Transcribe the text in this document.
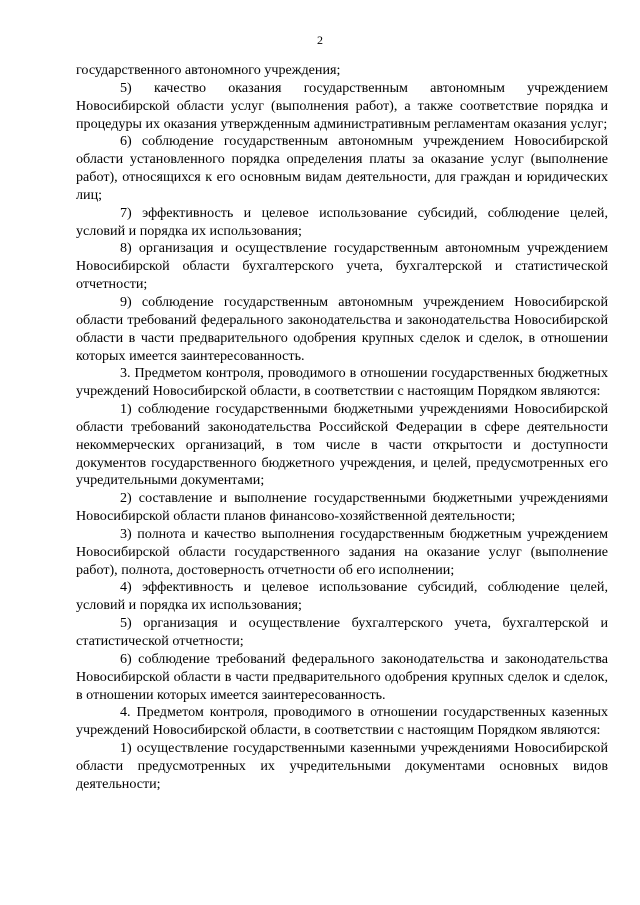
2

государственного автономного учреждения;

5) качество оказания государственным автономным учреждением Новосибирской области услуг (выполнения работ), а также соответствие порядка и процедуры их оказания утвержденным административным регламентам оказания услуг;

6) соблюдение государственным автономным учреждением Новосибирской области установленного порядка определения платы за оказание услуг (выполнение работ), относящихся к его основным видам деятельности, для граждан и юридических лиц;

7) эффективность и целевое использование субсидий, соблюдение целей, условий и порядка их использования;

8) организация и осуществление государственным автономным учреждением Новосибирской области бухгалтерского учета, бухгалтерской и статистической отчетности;

9) соблюдение государственным автономным учреждением Новосибирской области требований федерального законодательства и законодательства Новосибирской области в части предварительного одобрения крупных сделок и сделок, в отношении которых имеется заинтересованность.

3. Предметом контроля, проводимого в отношении государственных бюджетных учреждений Новосибирской области, в соответствии с настоящим Порядком являются:

1) соблюдение государственными бюджетными учреждениями Новосибирской области требований законодательства Российской Федерации в сфере деятельности некоммерческих организаций, в том числе в части открытости и доступности документов государственного бюджетного учреждения, и целей, предусмотренных его учредительными документами;

2) составление и выполнение государственными бюджетными учреждениями Новосибирской области планов финансово-хозяйственной деятельности;

3) полнота и качество выполнения государственным бюджетным учреждением Новосибирской области государственного задания на оказание услуг (выполнение работ), полнота, достоверность отчетности об его исполнении;

4) эффективность и целевое использование субсидий, соблюдение целей, условий и порядка их использования;

5) организация и осуществление бухгалтерского учета, бухгалтерской и статистической отчетности;

6) соблюдение требований федерального законодательства и законодательства Новосибирской области в части предварительного одобрения крупных сделок и сделок, в отношении которых имеется заинтересованность.

4. Предметом контроля, проводимого в отношении государственных казенных учреждений Новосибирской области, в соответствии с настоящим Порядком являются:

1) осуществление государственными казенными учреждениями Новосибирской области предусмотренных их учредительными документами основных видов деятельности;
